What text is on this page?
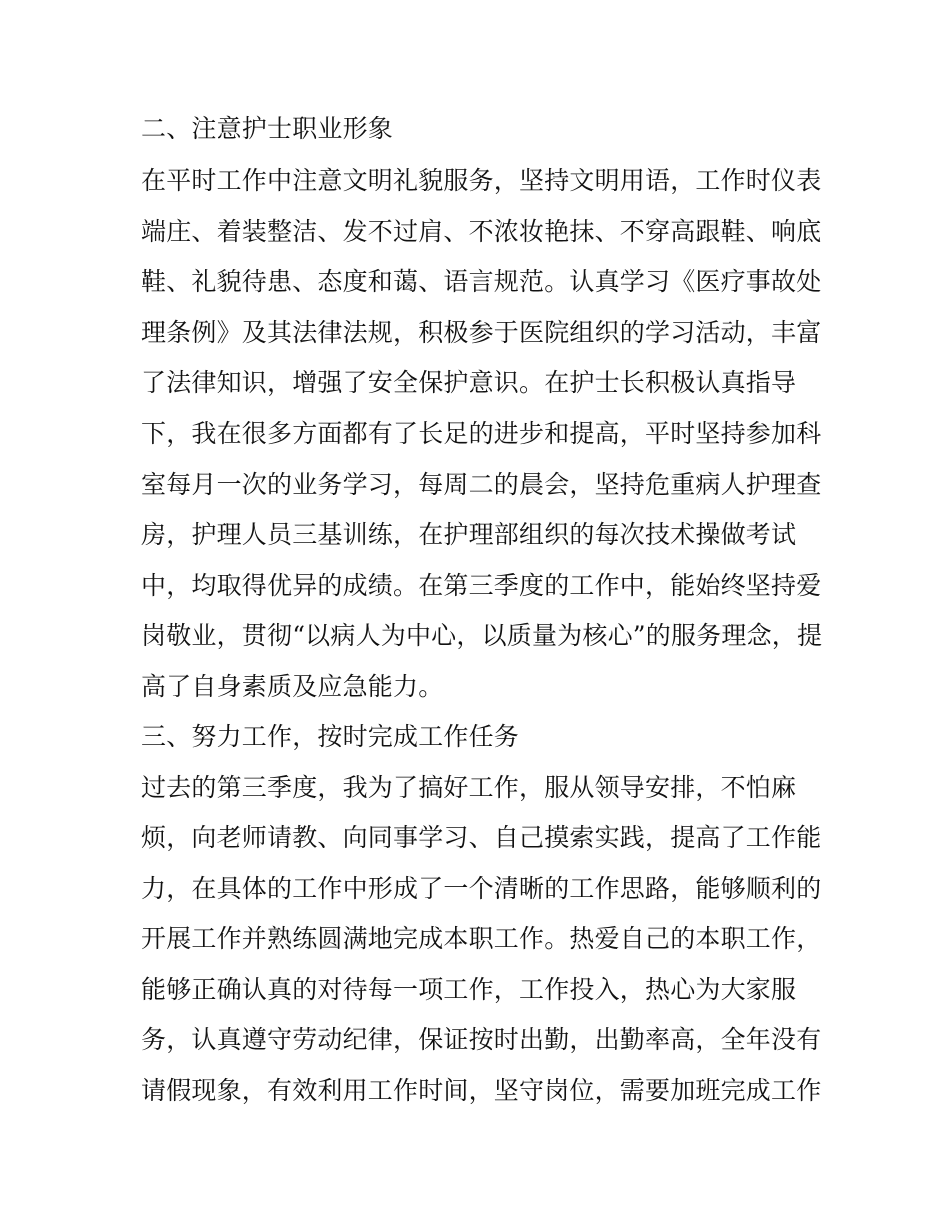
二、注意护士职业形象
在平时工作中注意文明礼貌服务，坚持文明用语，工作时仪表
端庄、着装整洁、发不过肩、不浓妆艳抹、不穿高跟鞋、响底
鞋、礼貌待患、态度和蔼、语言规范。认真学习《医疗事故处
理条例》及其法律法规，积极参于医院组织的学习活动，丰富
了法律知识，增强了安全保护意识。在护士长积极认真指导
下，我在很多方面都有了长足的进步和提高，平时坚持参加科
室每月一次的业务学习，每周二的晨会，坚持危重病人护理查
房，护理人员三基训练，在护理部组织的每次技术操做考试
中，均取得优异的成绩。在第三季度的工作中，能始终坚持爱
岗敬业，贯彻“以病人为中心，以质量为核心”的服务理念，提
高了自身素质及应急能力。
三、努力工作，按时完成工作任务
过去的第三季度，我为了搞好工作，服从领导安排，不怕麻
烦，向老师请教、向同事学习、自己摸索实践，提高了工作能
力，在具体的工作中形成了一个清晰的工作思路，能够顺利的
开展工作并熟练圆满地完成本职工作。热爱自己的本职工作，
能够正确认真的对待每一项工作，工作投入，热心为大家服
务，认真遵守劳动纪律，保证按时出勤，出勤率高，全年没有
请假现象，有效利用工作时间，坚守岗位，需要加班完成工作
